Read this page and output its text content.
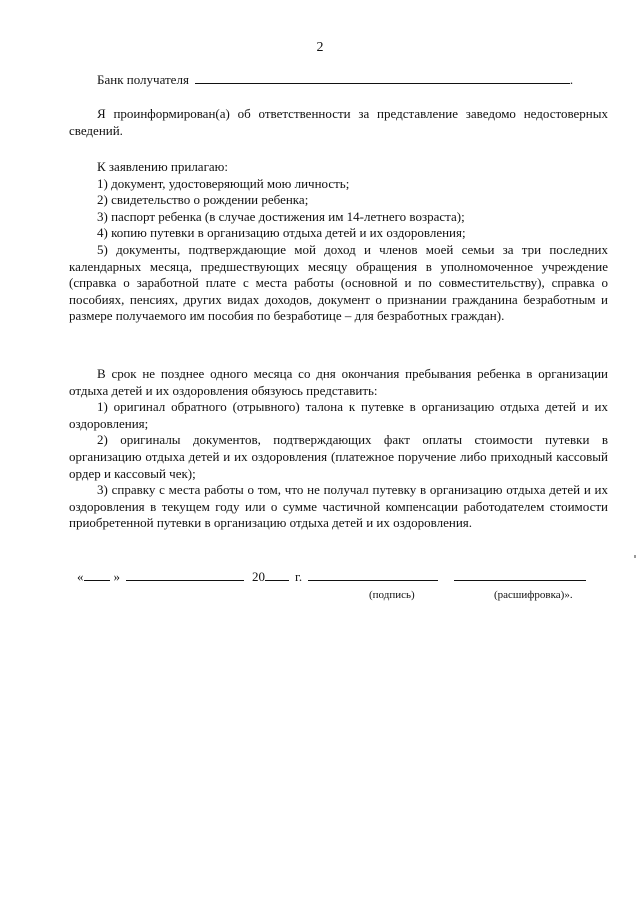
2
Банк получателя	.

Я проинформирован(а) об ответственности за представление заведомо недостоверных сведений.

К заявлению прилагаю:

1) документ, удостоверяющий мою личность;

2) свидетельство о рождении ребенка;

3) паспорт ребенка (в случае достижения им 14-летнего возраста);

4) копию путевки в организацию отдыха детей и их оздоровления;

5) документы, подтверждающие мой доход и членов моей семьи за три последних календарных месяца, предшествующих месяцу обращения в уполномоченное учреждение (справка о заработной плате с места работы (основной и по совместительству), справка о пособиях, пенсиях, других видах доходов, документ о признании гражданина безработным и размере получаемого им пособия по безработице – для безработных граждан).

В срок не позднее одного месяца со дня окончания пребывания ребенка в организации отдыха детей и их оздоровления обязуюсь представить:

1) оригинал обратного (отрывного) талона к путевке в организацию отдыха детей и их оздоровления;

2) оригиналы документов, подтверждающих факт оплаты стоимости путевки в организацию отдыха детей и их оздоровления (платежное поручение либо приходный кассовый ордер и кассовый чек);

3) справку с места работы о том, что не получал путевку в организацию отдыха детей и их оздоровления в текущем году или о сумме частичной компенсации работодателем стоимости приобретенной путевки в организацию отдыха детей и их оздоровления.

« »	20 г.
(подпись)	(расшифровка)».
